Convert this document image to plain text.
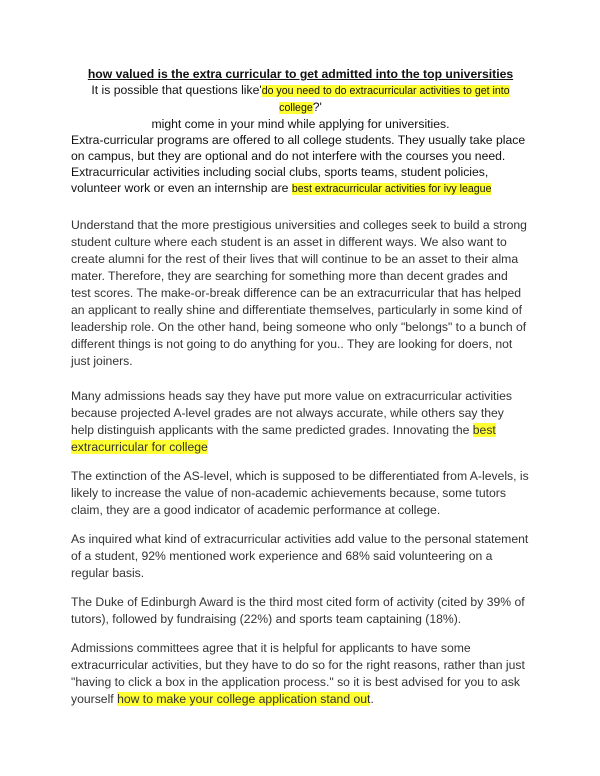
how valued is the extra curricular to get admitted into the top universities

It is possible that questions like'do you need to do extracurricular activities to get into college?'
might come in your mind while applying for universities.
Extra-curricular programs are offered to all college students. They usually take place on campus, but they are optional and do not interfere with the courses you need.
Extracurricular activities including social clubs, sports teams, student policies, volunteer work or even an internship are best extracurricular activities for ivy league

Understand that the more prestigious universities and colleges seek to build a strong student culture where each student is an asset in different ways. We also want to create alumni for the rest of their lives that will continue to be an asset to their alma mater. Therefore, they are searching for something more than decent grades and test scores. The make-or-break difference can be an extracurricular that has helped an applicant to really shine and differentiate themselves, particularly in some kind of leadership role. On the other hand, being someone who only "belongs" to a bunch of different things is not going to do anything for you.. They are looking for doers, not just joiners.

Many admissions heads say they have put more value on extracurricular activities because projected A-level grades are not always accurate, while others say they help distinguish applicants with the same predicted grades. Innovating the best extracurricular for college

The extinction of the AS-level, which is supposed to be differentiated from A-levels, is likely to increase the value of non-academic achievements because, some tutors claim, they are a good indicator of academic performance at college.

As inquired what kind of extracurricular activities add value to the personal statement of a student, 92% mentioned work experience and 68% said volunteering on a regular basis.

The Duke of Edinburgh Award is the third most cited form of activity (cited by 39% of tutors), followed by fundraising (22%) and sports team captaining (18%).

Admissions committees agree that it is helpful for applicants to have some extracurricular activities, but they have to do so for the right reasons, rather than just "having to click a box in the application process." so it is best advised for you to ask yourself how to make your college application stand out.
